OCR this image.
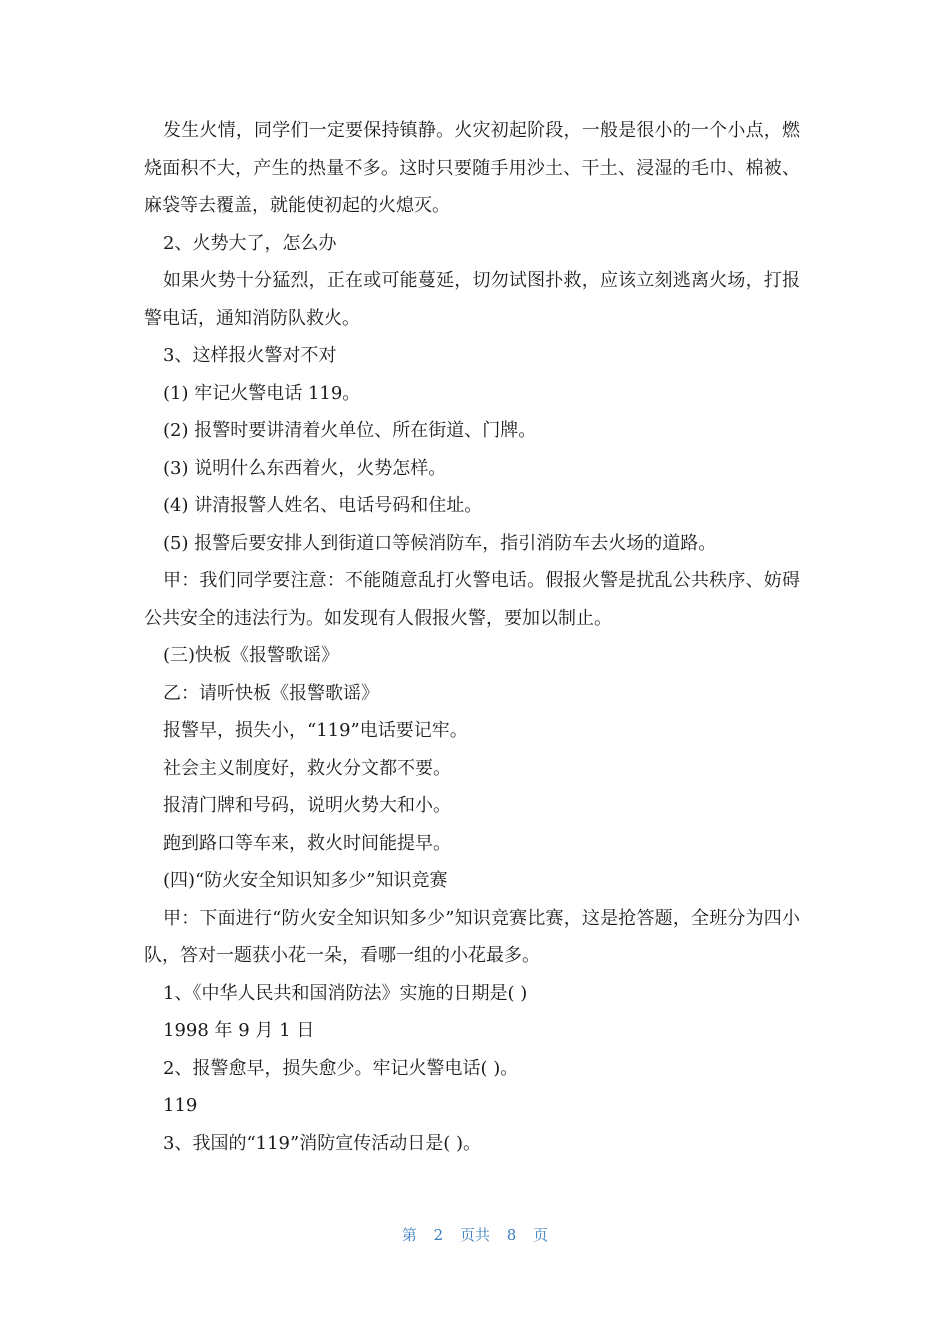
发生火情，同学们一定要保持镇静。火灾初起阶段，一般是很小的一个小点，燃烧面积不大，产生的热量不多。这时只要随手用沙土、干土、浸湿的毛巾、棉被、麻袋等去覆盖，就能使初起的火熄灭。

2、火势大了，怎么办

如果火势十分猛烈，正在或可能蔓延，切勿试图扑救，应该立刻逃离火场，打报警电话，通知消防队救火。

3、这样报火警对不对

(1) 牢记火警电话 119。

(2) 报警时要讲清着火单位、所在街道、门牌。

(3) 说明什么东西着火，火势怎样。

(4) 讲清报警人姓名、电话号码和住址。

(5) 报警后要安排人到街道口等候消防车，指引消防车去火场的道路。

甲：我们同学要注意：不能随意乱打火警电话。假报火警是扰乱公共秩序、妨碍公共安全的违法行为。如发现有人假报火警，要加以制止。

(三)快板《报警歌谣》

乙：请听快板《报警歌谣》

报警早，损失小，“119”电话要记牢。

社会主义制度好，救火分文都不要。

报清门牌和号码，说明火势大和小。

跑到路口等车来，救火时间能提早。

(四)“防火安全知识知多少”知识竞赛

甲：下面进行“防火安全知识知多少”知识竞赛比赛，这是抢答题，全班分为四小队，答对一题获小花一朵，看哪一组的小花最多。

1、《中华人民共和国消防法》实施的日期是( )

1998 年 9 月 1 日

2、报警愈早，损失愈少。牢记火警电话( )。

119

3、我国的“119”消防宣传活动日是( )。

第 2 页共 8 页
